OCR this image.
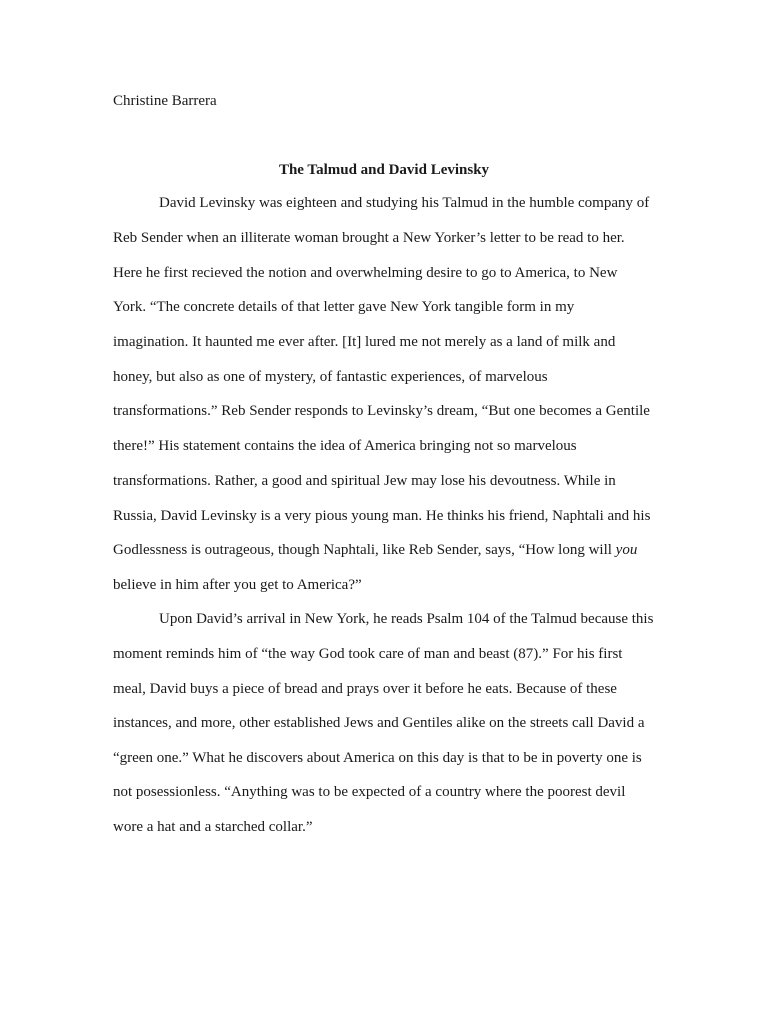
Christine Barrera
The Talmud and David Levinsky
David Levinsky was eighteen and studying his Talmud in the humble company of
Reb Sender when an illiterate woman brought a New Yorker’s letter to be read to her.
Here he first recieved the notion and overwhelming desire to go to America, to New
York. “The concrete details of that letter gave New York tangible form in my
imagination. It haunted me ever after. [It] lured me not merely as a land of milk and
honey, but also as one of mystery, of fantastic experiences, of marvelous
transformations.” Reb Sender responds to Levinsky’s dream, “But one becomes a Gentile
there!” His statement contains the idea of America bringing not so marvelous
transformations. Rather, a good and spiritual Jew may lose his devoutness. While in
Russia, David Levinsky is a very pious young man. He thinks his friend, Naphtali and his
Godlessness is outrageous, though Naphtali, like Reb Sender, says, “How long will you
believe in him after you get to America?”
Upon David’s arrival in New York, he reads Psalm 104 of the Talmud because this
moment reminds him of “the way God took care of man and beast (87).” For his first
meal, David buys a piece of bread and prays over it before he eats. Because of these
instances, and more, other established Jews and Gentiles alike on the streets call David a
“green one.” What he discovers about America on this day is that to be in poverty one is
not posessionless. “Anything was to be expected of a country where the poorest devil
wore a hat and a starched collar.”
